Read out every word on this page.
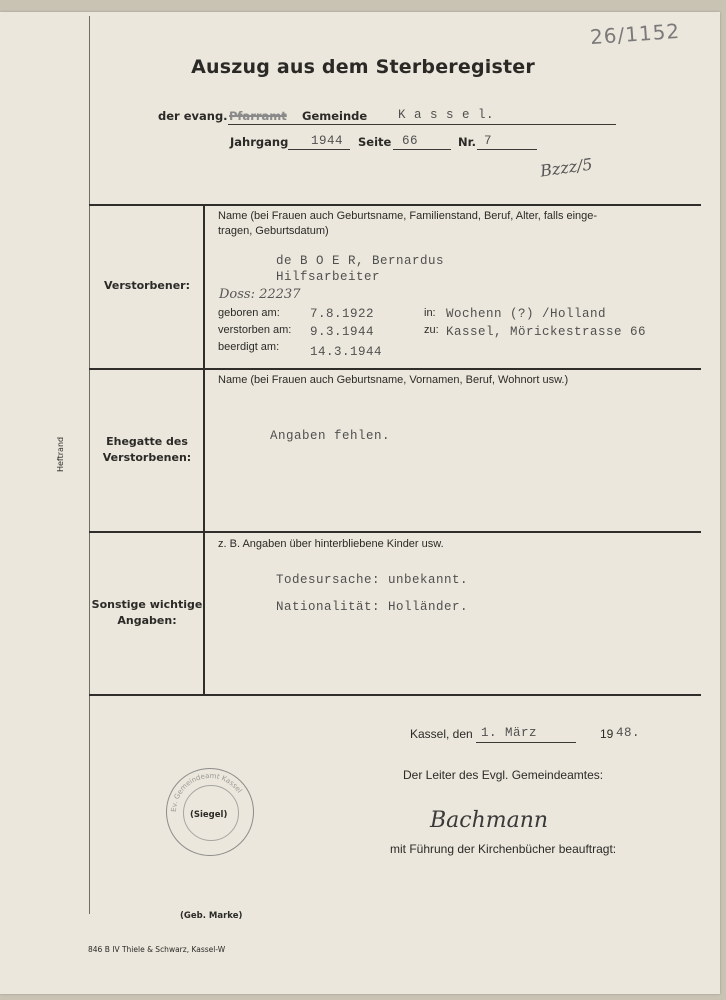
26/1152
Auszug aus dem Sterberegister
der evang. Pfarramt Gemeinde K a s s e l.
Jahrgang 1944 Seite 66	Nr. 7
Bzzz/5
Heftrand
Verstorbener:
Name (bei Frauen auch Geburtsname, Familienstand, Beruf, Alter, falls einge-
tragen, Geburtsdatum)
de B O E R, Bernardus
Hilfsarbeiter
Doss: 22237
geboren am: 7.8.1922
verstorben am: 9.3.1944
beerdigt am: 14.3.1944
in: Wochenn (?) /Holland
zu: Kassel, Mörickestrasse 66
Ehegatte des Verstorbenen:
Name (bei Frauen auch Geburtsname, Vornamen, Beruf, Wohnort usw.)
Angaben fehlen.
Sonstige wichtige Angaben:
z. B. Angaben über hinterbliebene Kinder usw.
Todesursache: unbekannt.
Nationalität: Holländer.
Kassel, den 1. März	19 48.
Der Leiter des Evgl. Gemeindeamtes:
Bachmann
mit Führung der Kirchenbücher beauftragt:
Ev. Gemeindeamt Kassel
(Siegel)
(Geb. Marke)
846 B IV Thiele & Schwarz, Kassel-W
